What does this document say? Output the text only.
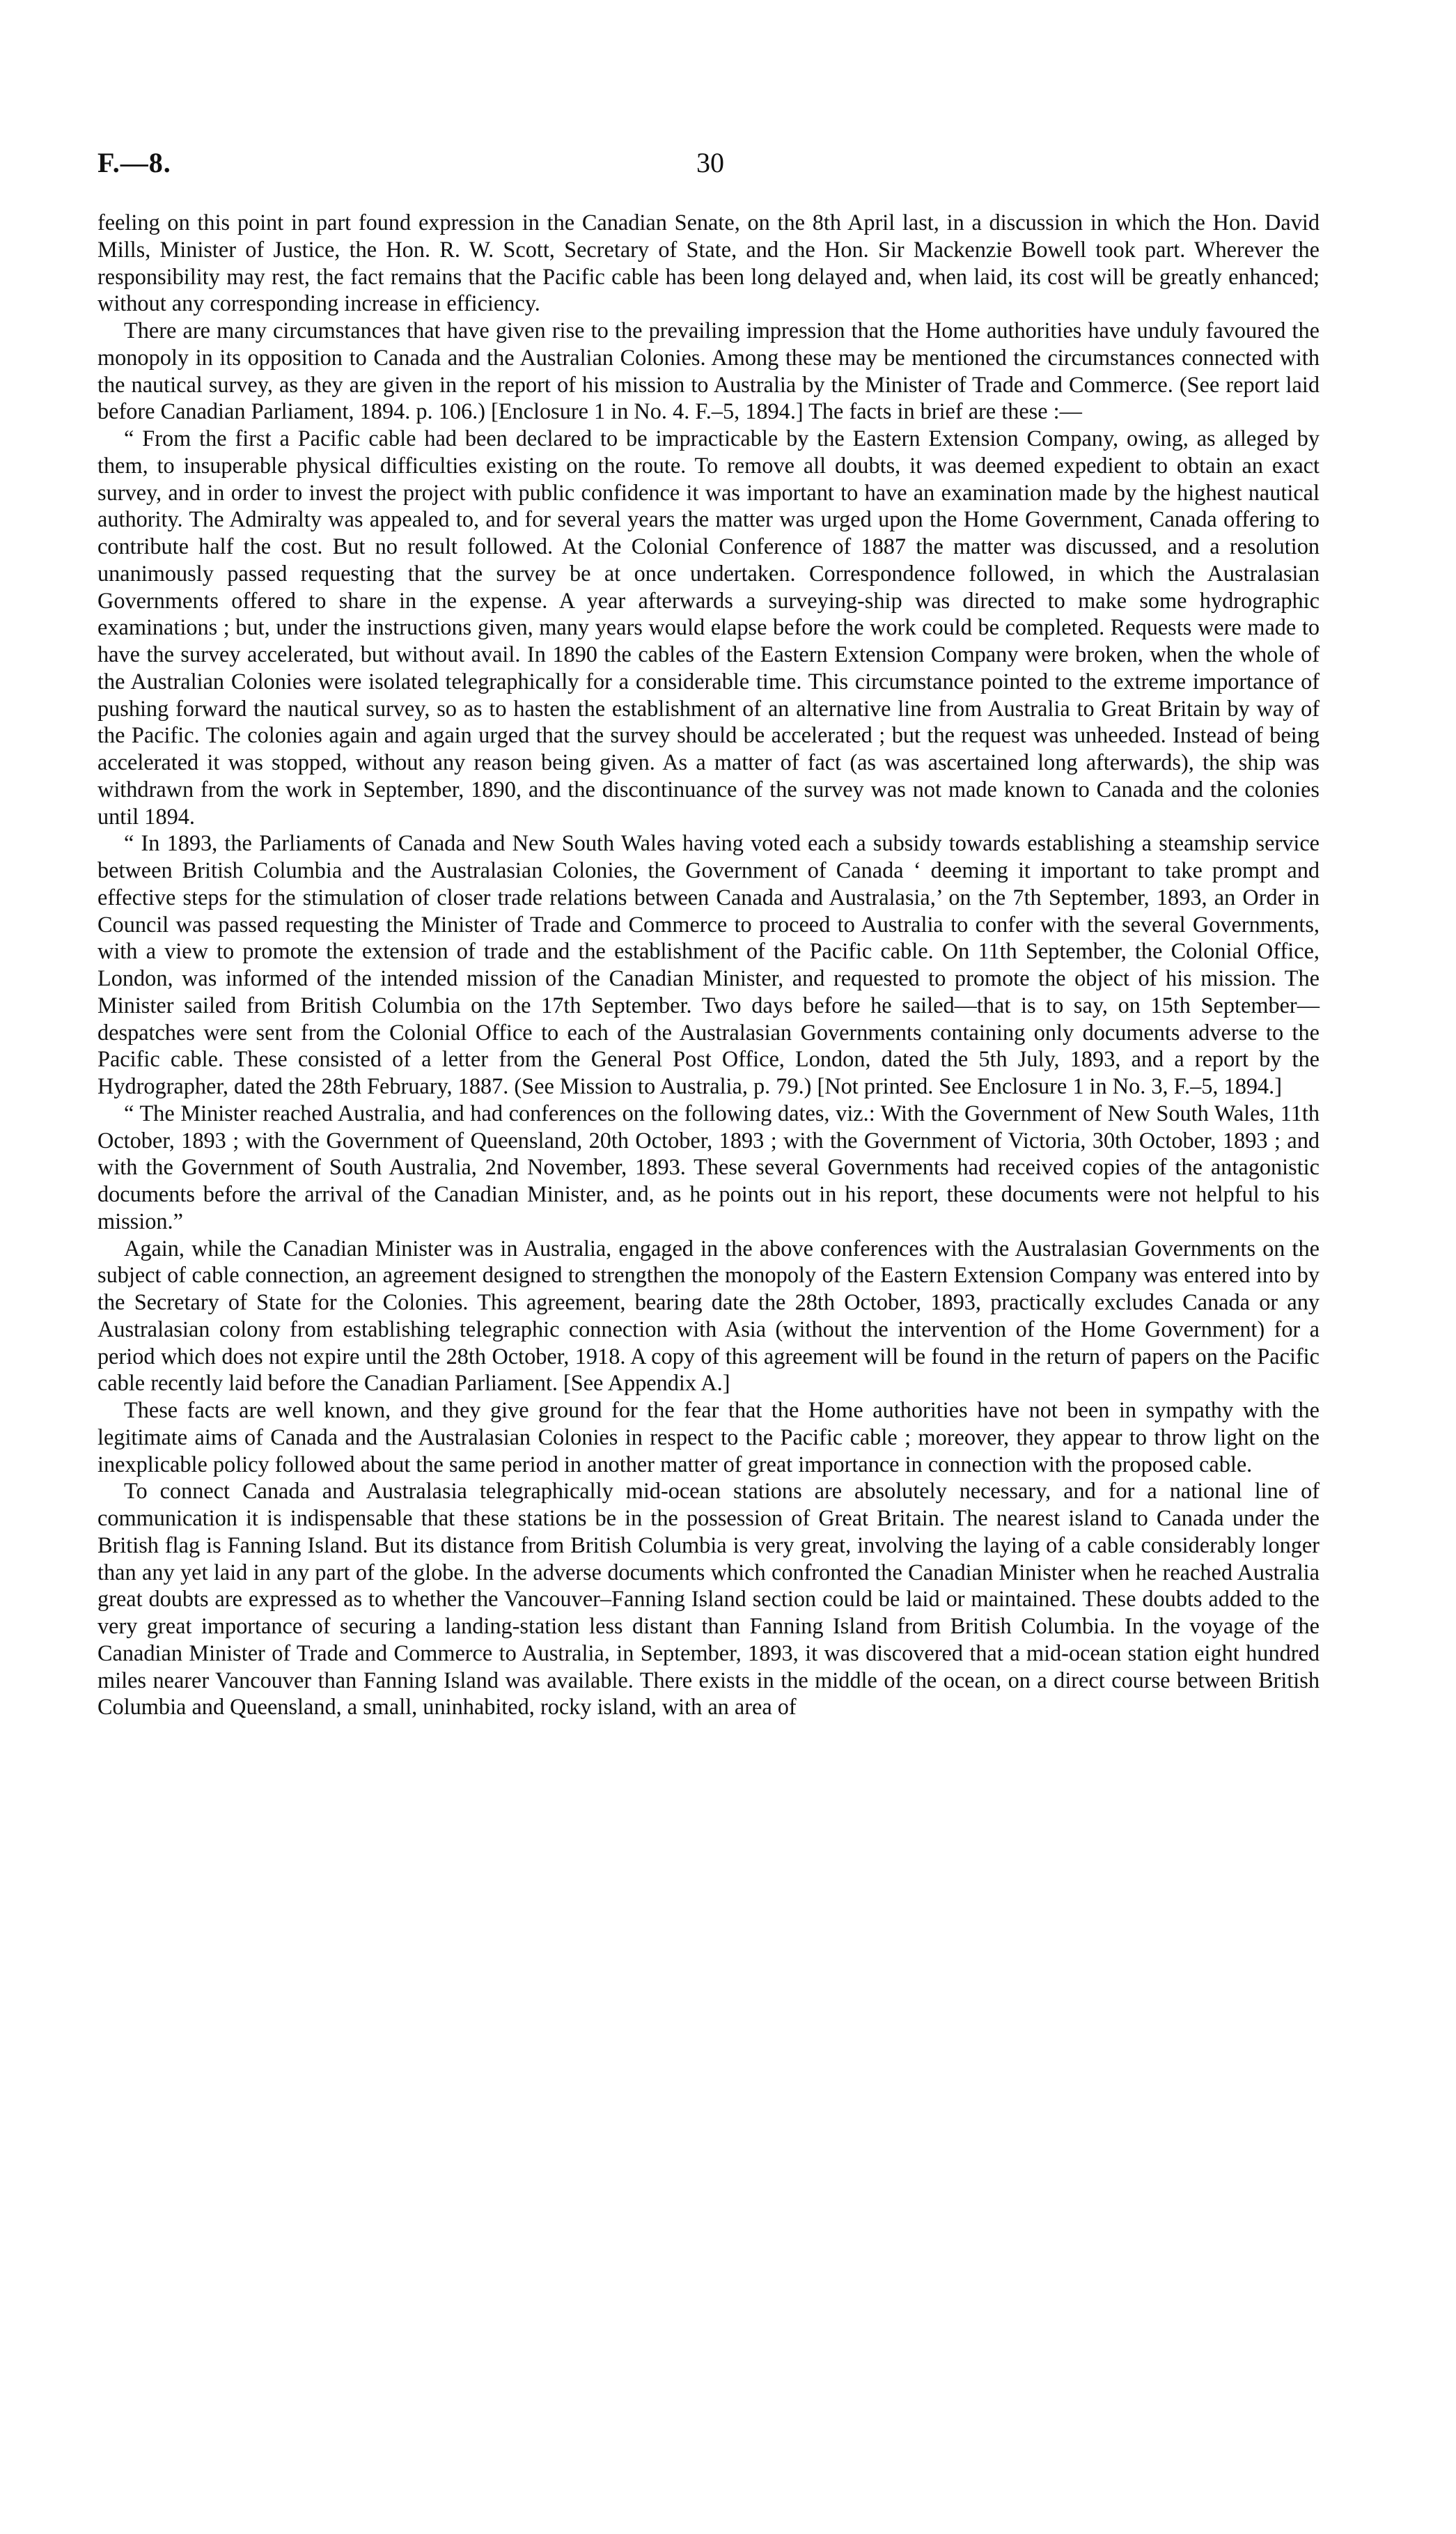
F.—8.	30

feeling on this point in part found expression in the Canadian Senate, on the 8th April last, in a discussion in which the Hon. David Mills, Minister of Justice, the Hon. R. W. Scott, Secretary of State, and the Hon. Sir Mackenzie Bowell took part. Wherever the responsibility may rest, the fact remains that the Pacific cable has been long delayed and, when laid, its cost will be greatly enhanced; without any corresponding increase in efficiency.

There are many circumstances that have given rise to the prevailing impression that the Home authorities have unduly favoured the monopoly in its opposition to Canada and the Australian Colonies. Among these may be mentioned the circumstances connected with the nautical survey, as they are given in the report of his mission to Australia by the Minister of Trade and Commerce. (See report laid before Canadian Parliament, 1894. p. 106.) [Enclosure 1 in No. 4. F.–5, 1894.] The facts in brief are these :—

“ From the first a Pacific cable had been declared to be impracticable by the Eastern Extension Company, owing, as alleged by them, to insuperable physical difficulties existing on the route. To remove all doubts, it was deemed expedient to obtain an exact survey, and in order to invest the project with public confidence it was important to have an examination made by the highest nautical authority. The Admiralty was appealed to, and for several years the matter was urged upon the Home Government, Canada offering to contribute half the cost. But no result followed. At the Colonial Conference of 1887 the matter was discussed, and a resolution unanimously passed requesting that the survey be at once undertaken. Correspondence followed, in which the Australasian Governments offered to share in the expense. A year afterwards a surveying-ship was directed to make some hydrographic examinations ; but, under the instructions given, many years would elapse before the work could be completed. Requests were made to have the survey accelerated, but without avail. In 1890 the cables of the Eastern Extension Company were broken, when the whole of the Australian Colonies were isolated telegraphically for a considerable time. This circumstance pointed to the extreme importance of pushing forward the nautical survey, so as to hasten the establishment of an alternative line from Australia to Great Britain by way of the Pacific. The colonies again and again urged that the survey should be accelerated ; but the request was unheeded. Instead of being accelerated it was stopped, without any reason being given. As a matter of fact (as was ascertained long afterwards), the ship was withdrawn from the work in September, 1890, and the discontinuance of the survey was not made known to Canada and the colonies until 1894.

“ In 1893, the Parliaments of Canada and New South Wales having voted each a subsidy towards establishing a steamship service between British Columbia and the Australasian Colonies, the Government of Canada ‘ deeming it important to take prompt and effective steps for the stimulation of closer trade relations between Canada and Australasia,’ on the 7th September, 1893, an Order in Council was passed requesting the Minister of Trade and Commerce to proceed to Australia to confer with the several Governments, with a view to promote the extension of trade and the establishment of the Pacific cable. On 11th September, the Colonial Office, London, was informed of the intended mission of the Canadian Minister, and requested to promote the object of his mission. The Minister sailed from British Columbia on the 17th September. Two days before he sailed—that is to say, on 15th September—despatches were sent from the Colonial Office to each of the Australasian Governments containing only documents adverse to the Pacific cable. These consisted of a letter from the General Post Office, London, dated the 5th July, 1893, and a report by the Hydrographer, dated the 28th February, 1887. (See Mission to Australia, p. 79.) [Not printed. See Enclosure 1 in No. 3, F.–5, 1894.]

“ The Minister reached Australia, and had conferences on the following dates, viz.: With the Government of New South Wales, 11th October, 1893 ; with the Government of Queensland, 20th October, 1893 ; with the Government of Victoria, 30th October, 1893 ; and with the Government of South Australia, 2nd November, 1893. These several Governments had received copies of the antagonistic documents before the arrival of the Canadian Minister, and, as he points out in his report, these documents were not helpful to his mission.”

Again, while the Canadian Minister was in Australia, engaged in the above conferences with the Australasian Governments on the subject of cable connection, an agreement designed to strengthen the monopoly of the Eastern Extension Company was entered into by the Secretary of State for the Colonies. This agreement, bearing date the 28th October, 1893, practically excludes Canada or any Australasian colony from establishing telegraphic connection with Asia (without the intervention of the Home Government) for a period which does not expire until the 28th October, 1918. A copy of this agreement will be found in the return of papers on the Pacific cable recently laid before the Canadian Parliament. [See Appendix A.]

These facts are well known, and they give ground for the fear that the Home authorities have not been in sympathy with the legitimate aims of Canada and the Australasian Colonies in respect to the Pacific cable ; moreover, they appear to throw light on the inexplicable policy followed about the same period in another matter of great importance in connection with the proposed cable.

To connect Canada and Australasia telegraphically mid-ocean stations are absolutely necessary, and for a national line of communication it is indispensable that these stations be in the possession of Great Britain. The nearest island to Canada under the British flag is Fanning Island. But its distance from British Columbia is very great, involving the laying of a cable considerably longer than any yet laid in any part of the globe. In the adverse documents which confronted the Canadian Minister when he reached Australia great doubts are expressed as to whether the Vancouver–Fanning Island section could be laid or maintained. These doubts added to the very great importance of securing a landing-station less distant than Fanning Island from British Columbia. In the voyage of the Canadian Minister of Trade and Commerce to Australia, in September, 1893, it was discovered that a mid-ocean station eight hundred miles nearer Vancouver than Fanning Island was available. There exists in the middle of the ocean, on a direct course between British Columbia and Queensland, a small, uninhabited, rocky island, with an area of
